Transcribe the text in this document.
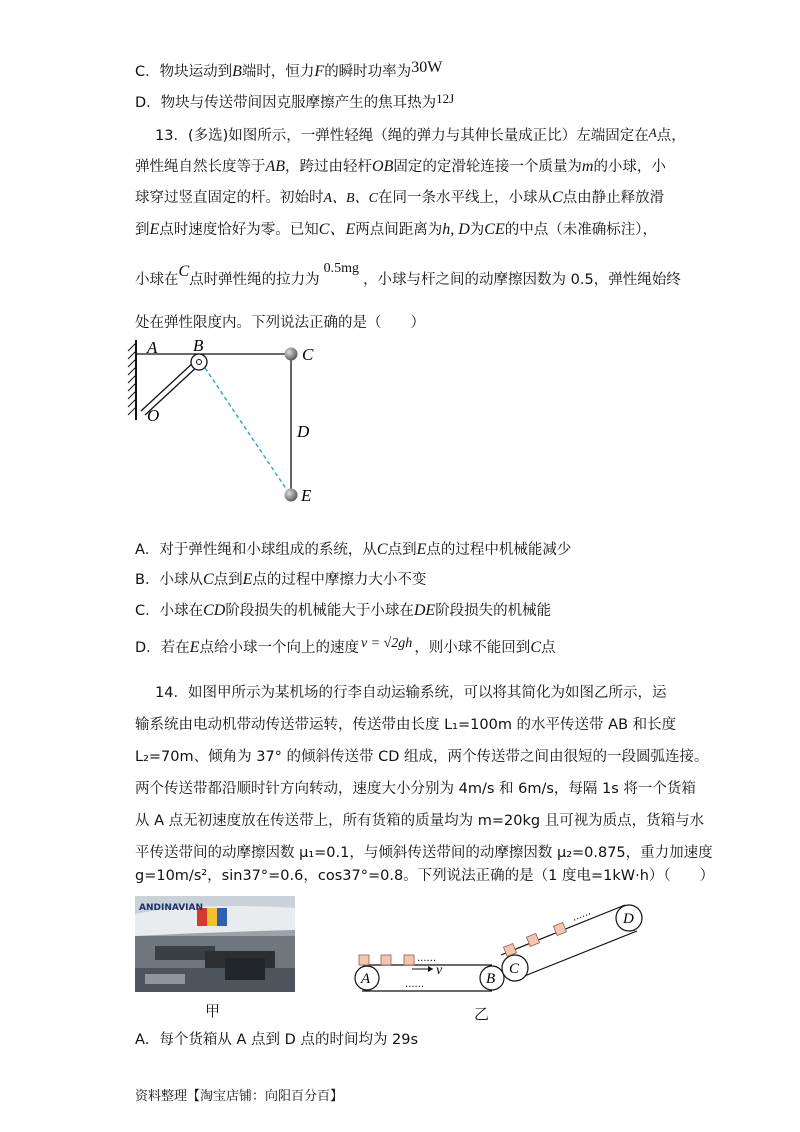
C．物块运动到B端时，恒力F的瞬时功率为30W
D．物块与传送带间因克服摩擦产生的焦耳热为12J
13．(多选)如图所示，一弹性轻绳（绳的弹力与其伸长量成正比）左端固定在A点，
弹性绳自然长度等于AB，跨过由轻杆OB固定的定滑轮连接一个质量为m的小球，小
球穿过竖直固定的杆。初始时A、B、C在同一条水平线上，小球从C点由静止释放滑
到E点时速度恰好为零。已知C、E两点间距离为h, D为CE的中点（未准确标注），
小球在C点时弹性绳的拉力为0.5mg，小球与杆之间的动摩擦因数为 0.5，弹性绳始终
处在弹性限度内。下列说法正确的是（　　）
A B	C
D
E
O
A．对于弹性绳和小球组成的系统，从C点到E点的过程中机械能减少
B．小球从C点到E点的过程中摩擦力大小不变
C．小球在CD阶段损失的机械能大于小球在DE阶段损失的机械能
D．若在E点给小球一个向上的速度 v = √2gh ，则小球不能回到C点
14．如图甲所示为某机场的行李自动运输系统，可以将其简化为如图乙所示，运
输系统由电动机带动传送带运转，传送带由长度 L₁=100m 的水平传送带 AB 和长度
L₂=70m、倾角为 37° 的倾斜传送带 CD 组成，两个传送带之间由很短的一段圆弧连接。
两个传送带都沿顺时针方向转动，速度大小分别为 4m/s 和 6m/s，每隔 1s 将一个货箱
从 A 点无初速度放在传送带上，所有货箱的质量均为 m=20kg 且可视为质点，货箱与水
平传送带间的动摩擦因数 μ₁=0.1，与倾斜传送带间的动摩擦因数 μ₂=0.875，重力加速度
g=10m/s²，sin37°=0.6，cos37°=0.8。下列说法正确的是（1 度电=1kW·h）（　　）
ANDINAVIAN
甲
......
......
v
......
A	B
C
D
乙
A．每个货箱从 A 点到 D 点的时间均为 29s
资料整理【淘宝店铺：向阳百分百】
